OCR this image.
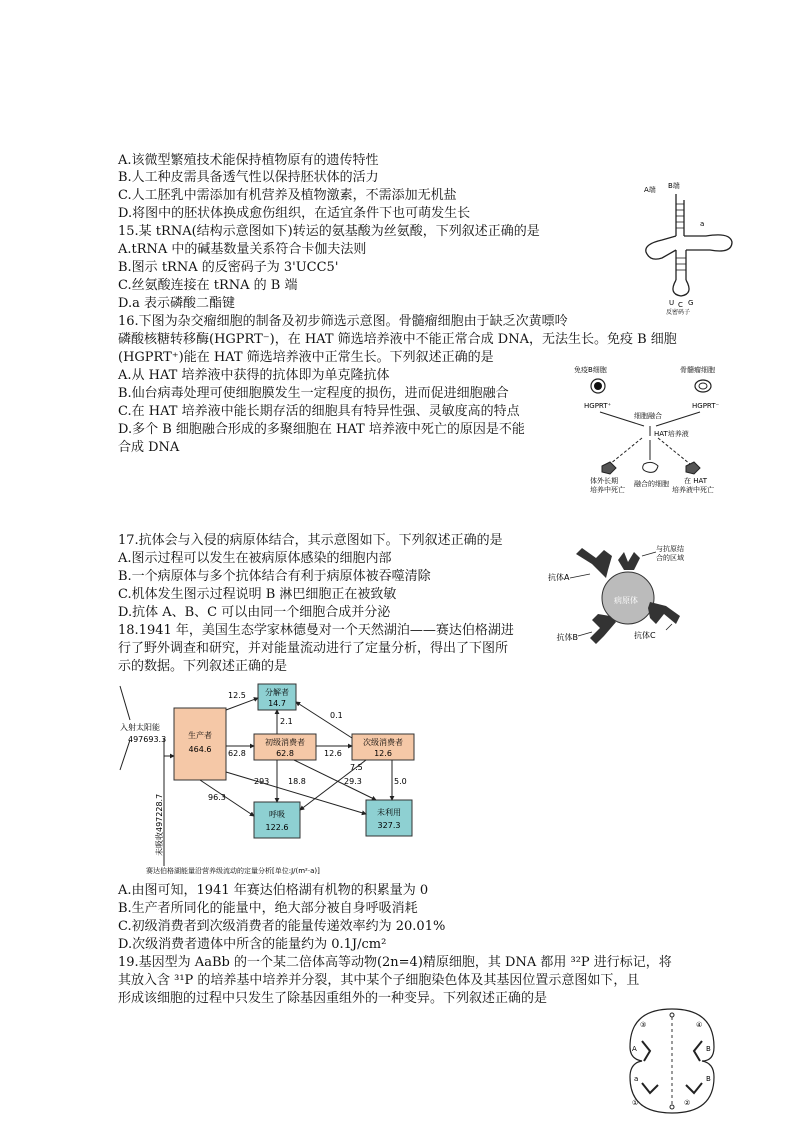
A.该微型繁殖技术能保持植物原有的遗传特性
B.人工种皮需具备透气性以保持胚状体的活力
C.人工胚乳中需添加有机营养及植物激素，不需添加无机盐
D.将图中的胚状体换成愈伤组织，在适宜条件下也可萌发生长
15.某 tRNA(结构示意图如下)转运的氨基酸为丝氨酸，下列叙述正确的是
A.tRNA 中的碱基数量关系符合卡伽夫法则
B.图示 tRNA 的反密码子为 3'UCC5'
C.丝氨酸连接在 tRNA 的 B 端
D.a 表示磷酸二酯键
16.下图为杂交瘤细胞的制备及初步筛选示意图。骨髓瘤细胞由于缺乏次黄嘌呤
磷酸核糖转移酶(HGPRT⁻)，在 HAT 筛选培养液中不能正常合成 DNA，无法生长。免疫 B 细胞
(HGPRT⁺)能在 HAT 筛选培养液中正常生长。下列叙述正确的是
A.从 HAT 培养液中获得的抗体即为单克隆抗体
B.仙台病毒处理可使细胞膜发生一定程度的损伤，进而促进细胞融合
C.在 HAT 培养液中能长期存活的细胞具有特异性强、灵敏度高的特点
D.多个 B 细胞融合形成的多聚细胞在 HAT 培养液中死亡的原因是不能
合成 DNA
17.抗体会与入侵的病原体结合，其示意图如下。下列叙述正确的是
A.图示过程可以发生在被病原体感染的细胞内部
B.一个病原体与多个抗体结合有利于病原体被吞噬清除
C.机体发生图示过程说明 B 淋巴细胞正在被致敏
D.抗体 A、B、C 可以由同一个细胞合成并分泌
18.1941 年，美国生态学家林德曼对一个天然湖泊——赛达伯格湖进
行了野外调查和研究，并对能量流动进行了定量分析，得出了下图所
示的数据。下列叙述正确的是
A.由图可知，1941 年赛达伯格湖有机物的积累量为 0
B.生产者所同化的能量中，绝大部分被自身呼吸消耗
C.初级消费者到次级消费者的能量传递效率约为 20.01%
D.次级消费者遗体中所含的能量约为 0.1J/cm²
19.基因型为 AaBb 的一个某二倍体高等动物(2n=4)精原细胞，其 DNA 都用 ³²P 进行标记，将
其放入含 ³¹P 的培养基中培养并分裂，其中某个子细胞染色体及其基因位置示意图如下，且
形成该细胞的过程中只发生了除基因重组外的一种变异。下列叙述正确的是
A端 B端
a
U C G
反密码子
免疫B细胞	骨髓瘤细胞
HGPRT⁺	HGPRT⁻
细胞融合
HAT培养液
体外长期
培养中死亡
融合的细胞 在 HAT
培养液中死亡
病原体
与抗原结
合的区域
抗体A
抗体B	抗体C
入射太阳能
497693.3
未吸收497228.7
生产者
464.6
分解者
14.7
初级消费者
62.8
次级消费者
12.6
呼吸
122.6
未利用
327.3
12.5
62.8
2.1
0.1
12.6
96.3
293 18.8	29.3
7.5
5.0
赛达伯格湖能量沿营养级流动的定量分析[单位:J/(m²·a)]
③	④
①	②
A	B
a	B
